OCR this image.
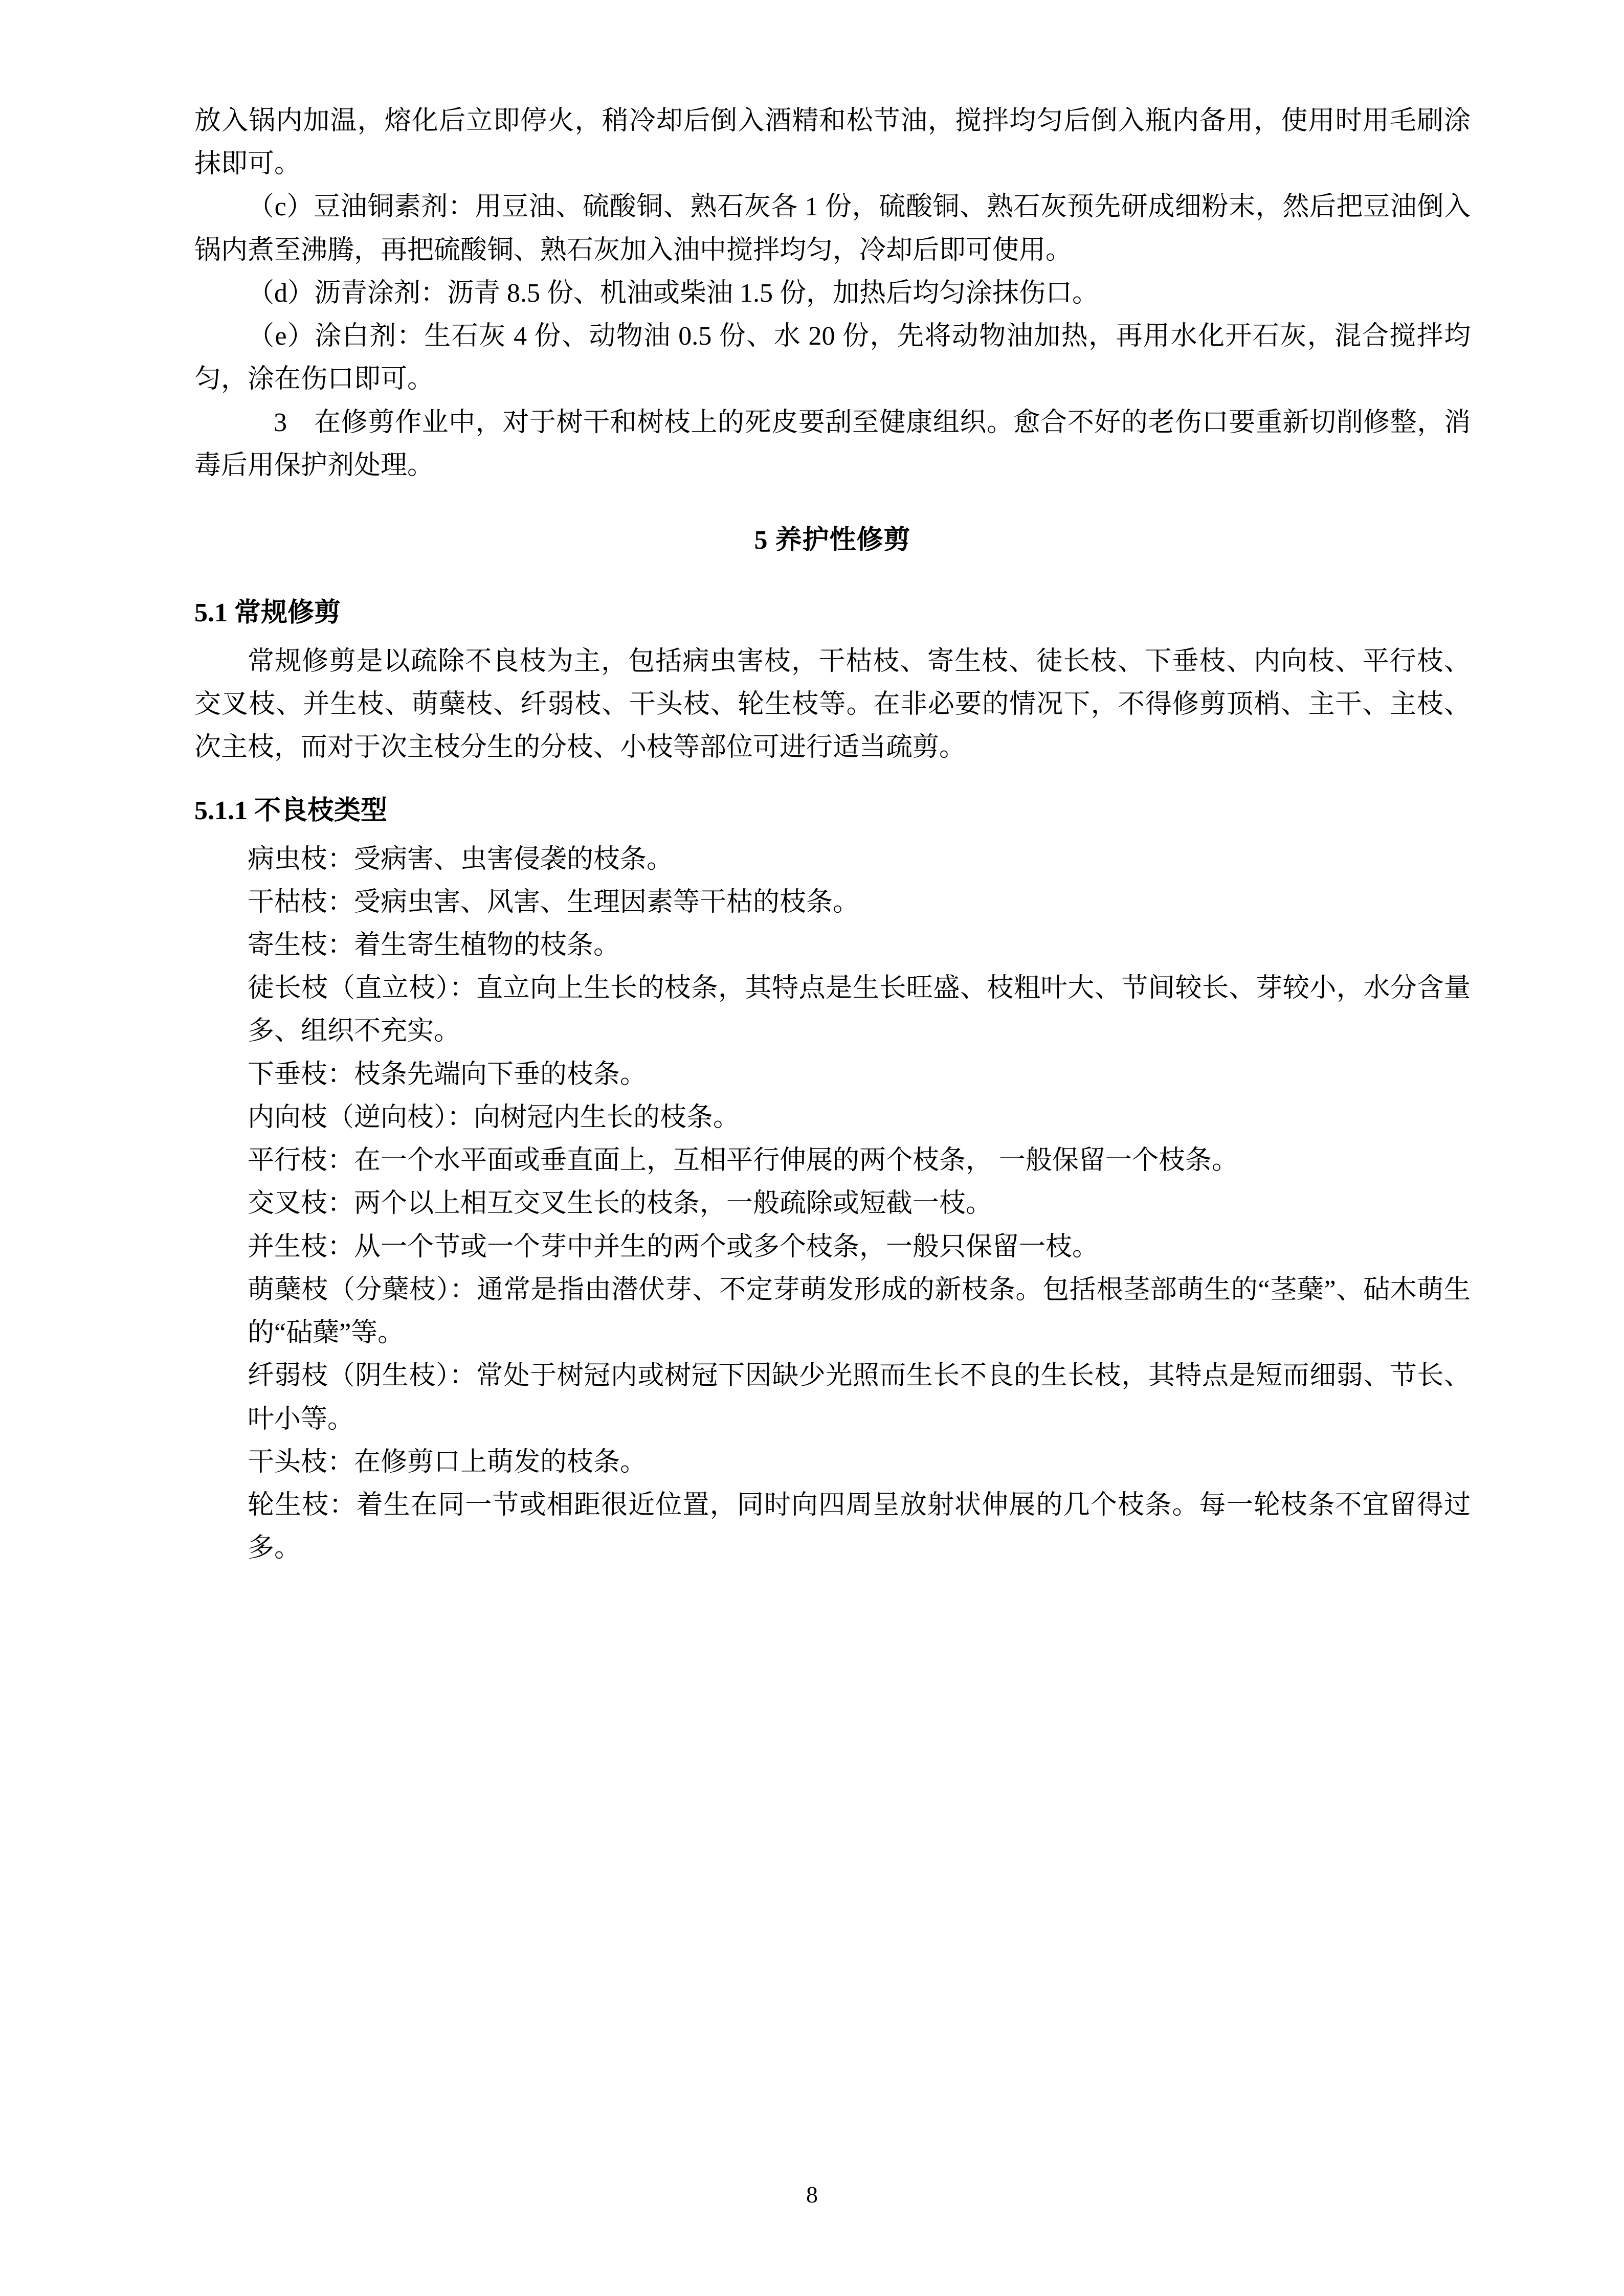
放入锅内加温，熔化后立即停火，稍冷却后倒入酒精和松节油，搅拌均匀后倒入瓶内备用，使用时用毛刷涂抹即可。

（c）豆油铜素剂：用豆油、硫酸铜、熟石灰各 1 份，硫酸铜、熟石灰预先研成细粉末，然后把豆油倒入锅内煮至沸腾，再把硫酸铜、熟石灰加入油中搅拌均匀，冷却后即可使用。

（d）沥青涂剂：沥青 8.5 份、机油或柴油 1.5 份，加热后均匀涂抹伤口。

（e）涂白剂：生石灰 4 份、动物油 0.5 份、水 20 份，先将动物油加热，再用水化开石灰，混合搅拌均匀，涂在伤口即可。

3　在修剪作业中，对于树干和树枝上的死皮要刮至健康组织。愈合不好的老伤口要重新切削修整，消毒后用保护剂处理。

5 养护性修剪
5.1 常规修剪

常规修剪是以疏除不良枝为主，包括病虫害枝，干枯枝、寄生枝、徒长枝、下垂枝、内向枝、平行枝、交叉枝、并生枝、萌蘖枝、纤弱枝、干头枝、轮生枝等。在非必要的情况下，不得修剪顶梢、主干、主枝、次主枝，而对于次主枝分生的分枝、小枝等部位可进行适当疏剪。

5.1.1 不良枝类型

病虫枝：受病害、虫害侵袭的枝条。

干枯枝：受病虫害、风害、生理因素等干枯的枝条。

寄生枝：着生寄生植物的枝条。

徒长枝（直立枝）：直立向上生长的枝条，其特点是生长旺盛、枝粗叶大、节间较长、芽较小，水分含量多、组织不充实。

下垂枝：枝条先端向下垂的枝条。

内向枝（逆向枝）：向树冠内生长的枝条。

平行枝：在一个水平面或垂直面上，互相平行伸展的两个枝条， 一般保留一个枝条。

交叉枝：两个以上相互交叉生长的枝条，一般疏除或短截一枝。

并生枝：从一个节或一个芽中并生的两个或多个枝条，一般只保留一枝。

萌蘖枝（分蘖枝）：通常是指由潜伏芽、不定芽萌发形成的新枝条。包括根茎部萌生的“茎蘖”、砧木萌生的“砧蘖”等。

纤弱枝（阴生枝）：常处于树冠内或树冠下因缺少光照而生长不良的生长枝，其特点是短而细弱、节长、叶小等。

干头枝：在修剪口上萌发的枝条。

轮生枝：着生在同一节或相距很近位置，同时向四周呈放射状伸展的几个枝条。每一轮枝条不宜留得过多。

8
